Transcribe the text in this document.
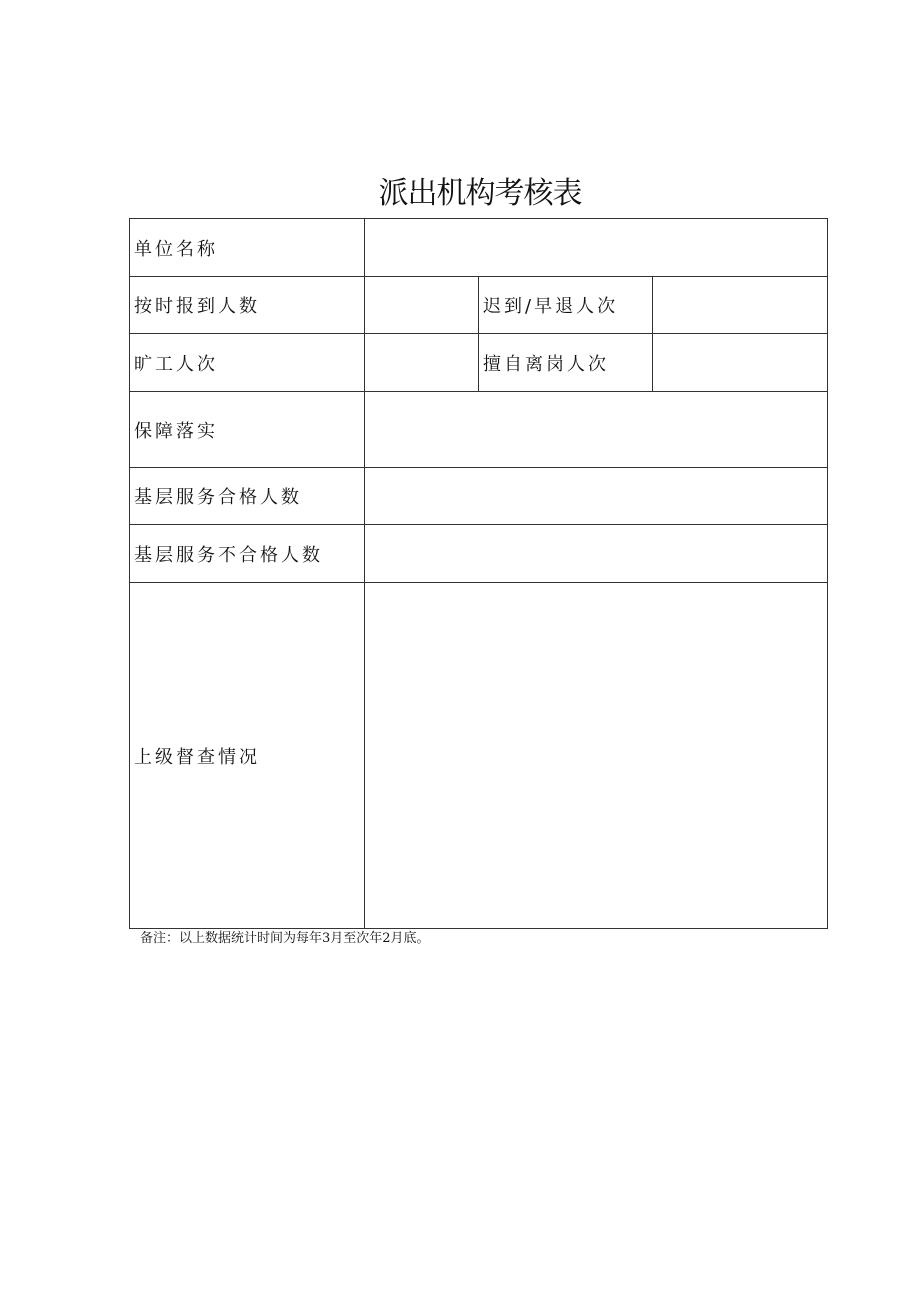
派出机构考核表
单位名称			
按时报到人数		迟到/早退人次	
旷工人次		擅自离岗人次	
保障落实			
基层服务合格人数			
基层服务不合格人数			
上级督查情况			
备注：以上数据统计时间为每年3月至次年2月底。
